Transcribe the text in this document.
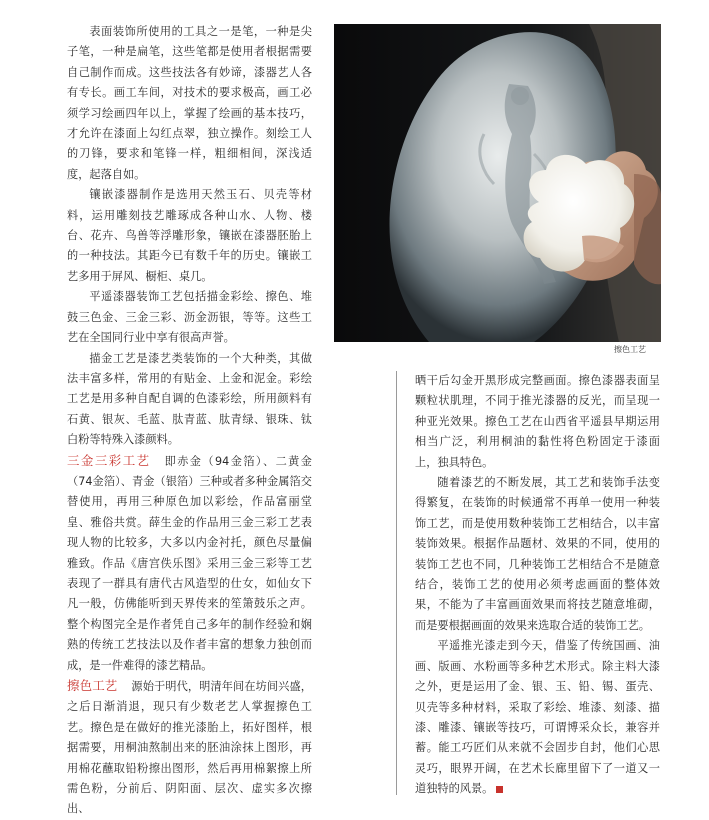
表面装饰所使用的工具之一是笔，一种是尖子笔，一种是扁笔，这些笔都是使用者根据需要自己制作而成。这些技法各有妙谛，漆器艺人各有专长。画工车间，对技术的要求极高，画工必须学习绘画四年以上，掌握了绘画的基本技巧，才允许在漆面上勾红点翠，独立操作。刻绘工人的刀锋，要求和笔锋一样，粗细相间，深浅适度，起落自如。

镶嵌漆器制作是选用天然玉石、贝壳等材料，运用雕刻技艺雕琢成各种山水、人物、楼台、花卉、鸟兽等浮雕形象，镶嵌在漆器胚胎上的一种技法。其距今已有数千年的历史。镶嵌工艺多用于屏风、橱柜、桌几。

平遥漆器装饰工艺包括描金彩绘、擦色、堆鼓三色金、三金三彩、沥金沥银，等等。这些工艺在全国同行业中享有很高声誉。

描金工艺是漆艺类装饰的一个大种类，其做法丰富多样，常用的有贴金、上金和泥金。彩绘工艺是用多种自配自调的色漆彩绘，所用颜料有石黄、银灰、毛蓝、肽青蓝、肽青绿、银珠、钛白粉等特殊入漆颜料。

三金三彩工艺 即赤金（94金箔）、二黄金（74金箔）、青金（银箔）三种或者多种金属箔交替使用，再用三种原色加以彩绘，作品富丽堂皇、雅俗共赏。薛生金的作品用三金三彩工艺表现人物的比较多，大多以内金衬托，颜色尽量偏雅致。作品《唐宫佚乐图》采用三金三彩等工艺表现了一群具有唐代古风造型的仕女，如仙女下凡一般，仿佛能听到天界传来的笙箫鼓乐之声。整个构图完全是作者凭自己多年的制作经验和娴熟的传统工艺技法以及作者丰富的想象力独创而成，是一件难得的漆艺精品。

擦色工艺 源始于明代，明清年间在坊间兴盛，之后日渐消退，现只有少数老艺人掌握擦色工艺。擦色是在做好的推光漆胎上，拓好图样，根据需要，用桐油熬制出来的胚油涂抹上图形，再用棉花蘸取铅粉擦出图形，然后再用棉絮擦上所需色粉，分前后、阴阳面、层次、虚实多次擦出、

擦色工艺

晒干后勾金开黑形成完整画面。擦色漆器表面呈颗粒状肌理，不同于推光漆器的反光，而呈现一种亚光效果。擦色工艺在山西省平遥县早期运用相当广泛，利用桐油的黏性将色粉固定于漆面上，独具特色。

随着漆艺的不断发展，其工艺和装饰手法变得繁复，在装饰的时候通常不再单一使用一种装饰工艺，而是使用数种装饰工艺相结合，以丰富装饰效果。根据作品题材、效果的不同，使用的装饰工艺也不同，几种装饰工艺相结合不是随意结合，装饰工艺的使用必须考虑画面的整体效果，不能为了丰富画面效果而将技艺随意堆砌，而是要根据画面的效果来选取合适的装饰工艺。

平遥推光漆走到今天，借鉴了传统国画、油画、版画、水粉画等多种艺术形式。除主料大漆之外，更是运用了金、银、玉、铅、锡、蛋壳、贝壳等多种材料，采取了彩绘、堆漆、刻漆、描漆、雕漆、镶嵌等技巧，可谓博采众长，兼容并蓄。能工巧匠们从来就不会固步自封，他们心思灵巧，眼界开阔，在艺术长廊里留下了一道又一道独特的风景。
